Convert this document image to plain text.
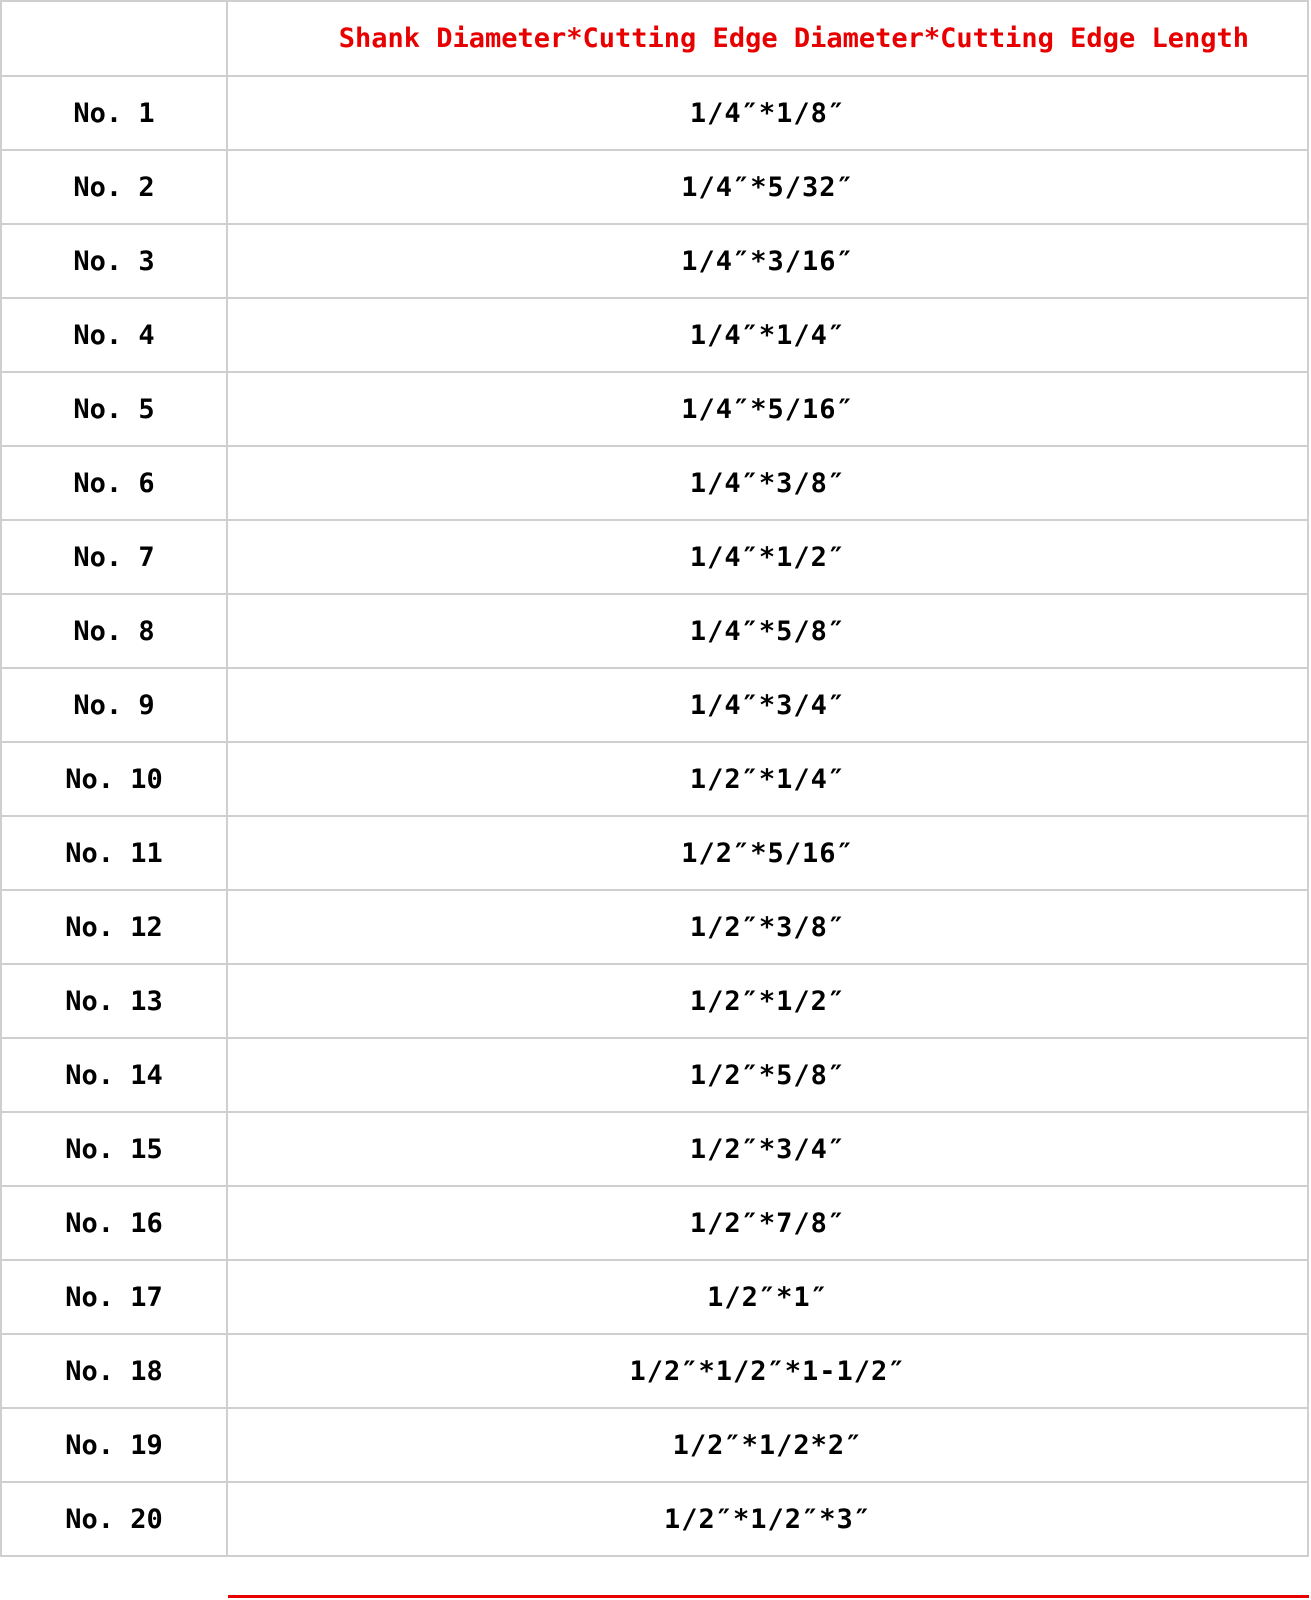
	Shank Diameter*Cutting Edge Diameter*Cutting Edge Length
No. 1	1/4″*1/8″
No. 2	1/4″*5/32″
No. 3	1/4″*3/16″
No. 4	1/4″*1/4″
No. 5	1/4″*5/16″
No. 6	1/4″*3/8″
No. 7	1/4″*1/2″
No. 8	1/4″*5/8″
No. 9	1/4″*3/4″
No. 10	1/2″*1/4″
No. 11	1/2″*5/16″
No. 12	1/2″*3/8″
No. 13	1/2″*1/2″
No. 14	1/2″*5/8″
No. 15	1/2″*3/4″
No. 16	1/2″*7/8″
No. 17	1/2″*1″
No. 18	1/2″*1/2″*1-1/2″
No. 19	1/2″*1/2*2″
No. 20	1/2″*1/2″*3″
